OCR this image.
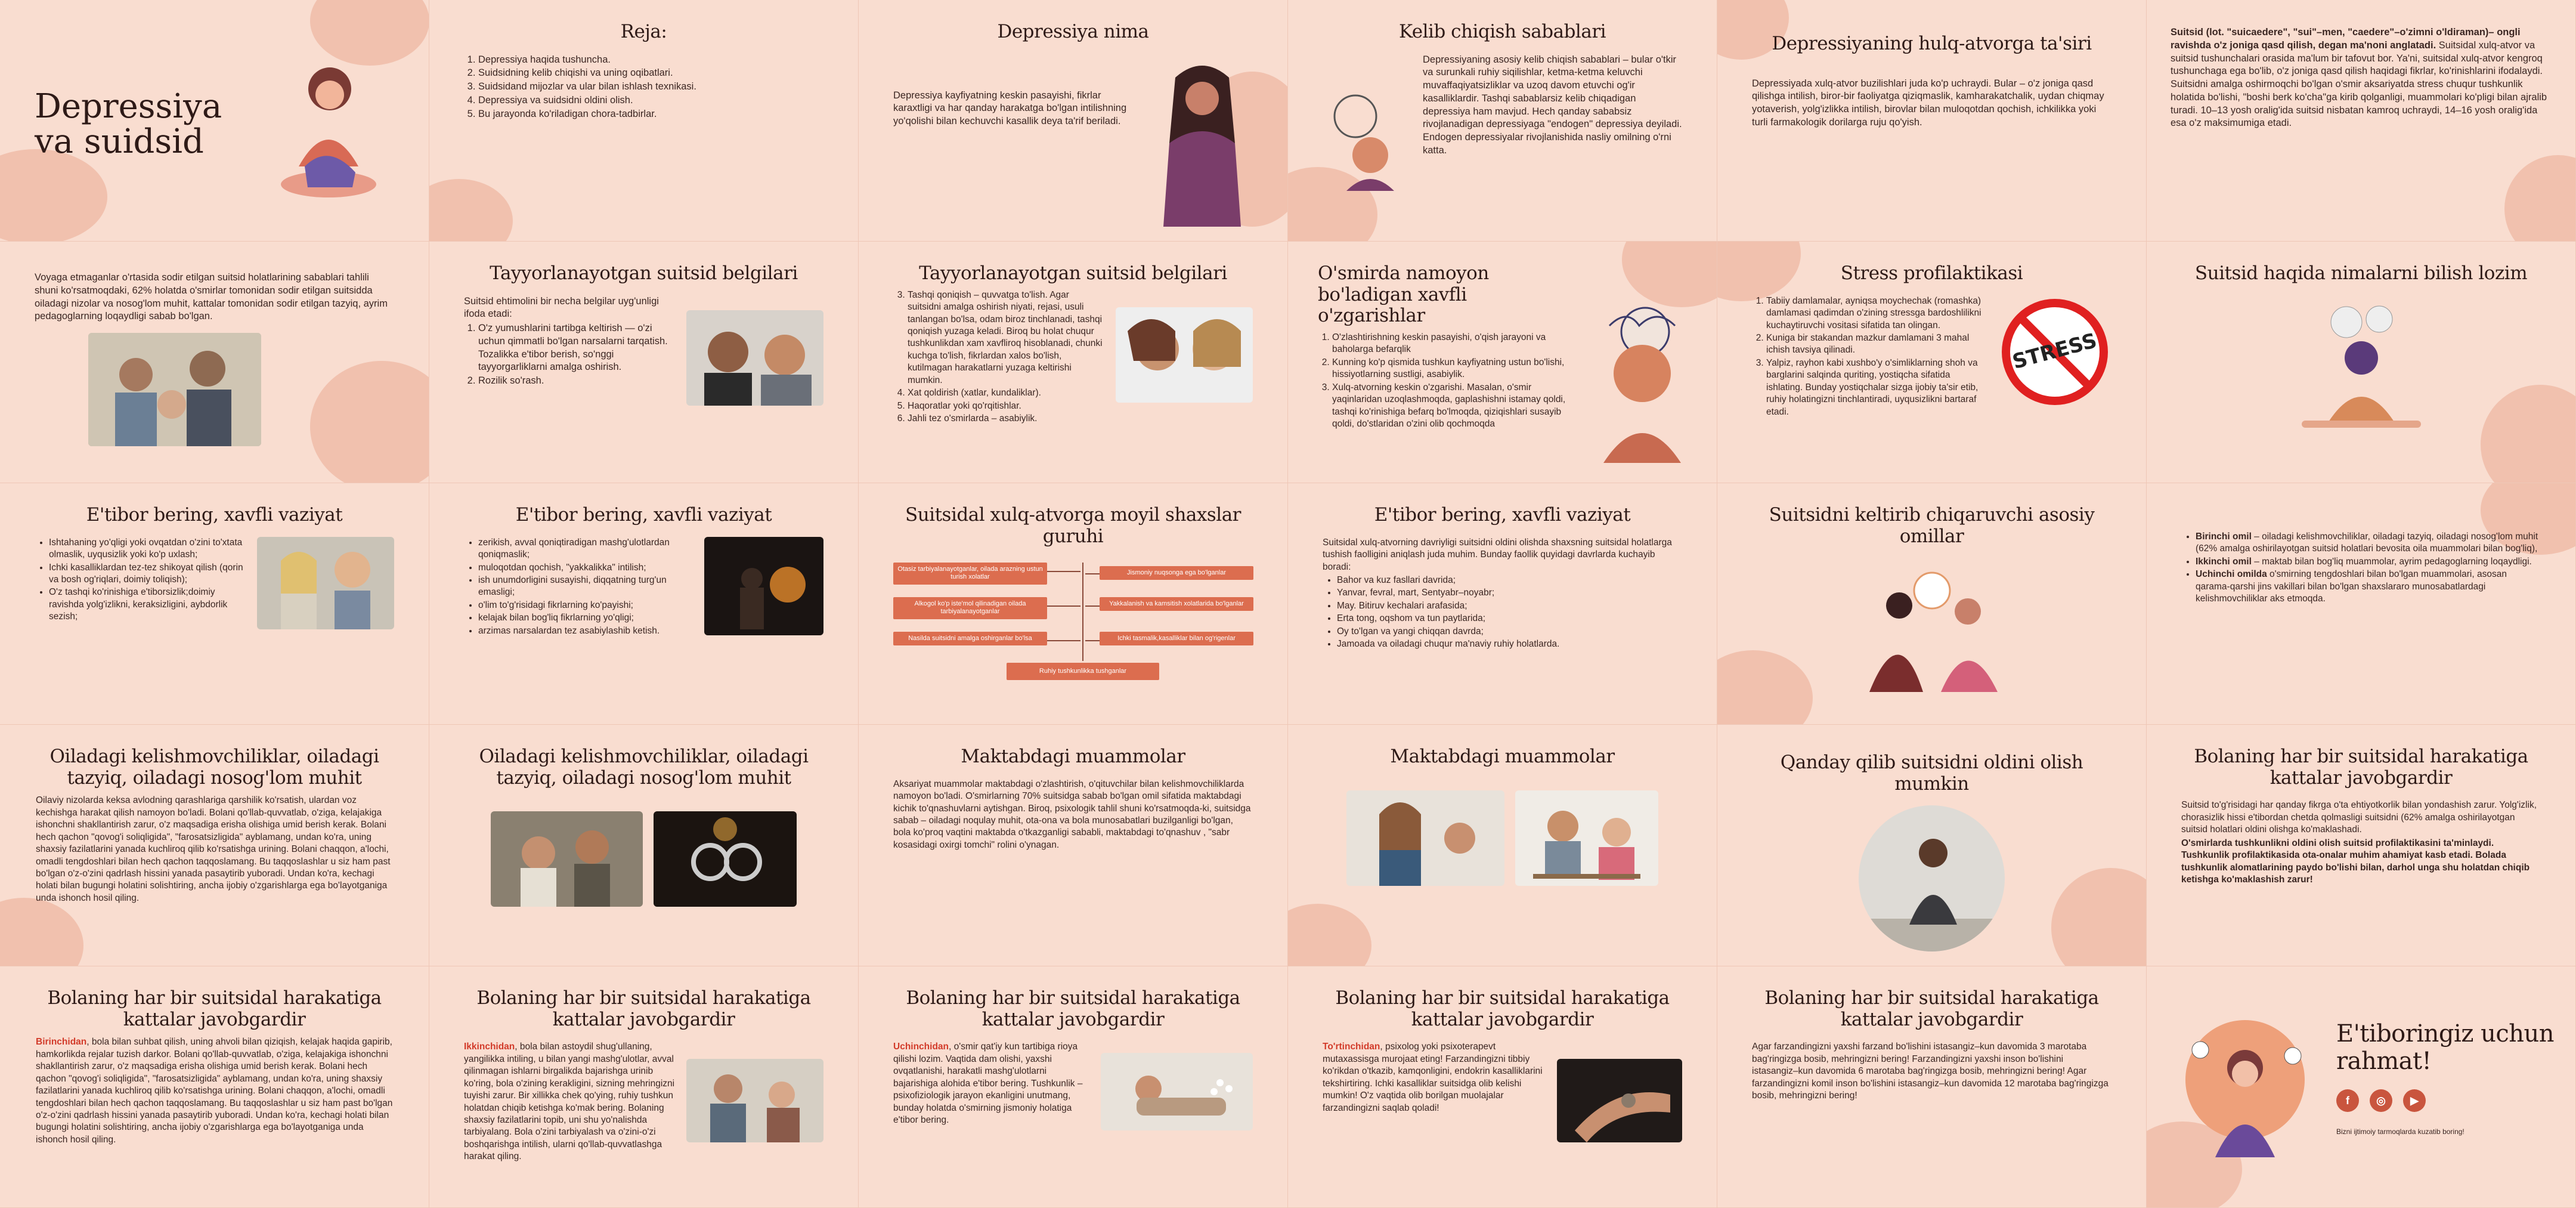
Depressiya va suidsid
Reja:
1. Depressiya haqida tushuncha.
2. Suidsidning kelib chiqishi va uning oqibatlari.
3. Suidsidand mijozlar va ular bilan ishlash texnikasi.
4. Depressiya va suidsidni oldini olish.
5. Bu jarayonda ko'riladigan chora-tadbirlar.
Depressiya nima
Depressiya kayfiyatning keskin pasayishi, fikrlar karaxtligi va har qanday harakatga bo'lgan intilishning yo'qolishi bilan kechuvchi kasallik deya ta'rif beriladi.
Kelib chiqish sabablari
Depressiyaning asosiy kelib chiqish sabablari – bular o'tkir va surunkali ruhiy siqilishlar, ketma-ketma keluvchi muvaffaqiyatsizliklar va uzoq davom etuvchi og'ir kasalliklardir. Tashqi sabablarsiz kelib chiqadigan depressiya ham mavjud. Hech qanday sababsiz rivojlanadigan depressiyaga "endogen" depressiya deyiladi. Endogen depressiyalar rivojlanishida nasliy omilning o'rni katta.
Depressiyaning hulq-atvorga ta'siri
Depressiyada xulq-atvor buzilishlari juda ko'p uchraydi. Bular – o'z joniga qasd qilishga intilish, biror-bir faoliyatga qiziqmaslik, kamharakatchalik, uydan chiqmay yotaverish, yolg'izlikka intilish, birovlar bilan muloqotdan qochish, ichkilikka yoki turli farmakologik dorilarga ruju qo'yish.
Suitsid (lot. "suicaedere", "sui"–men, "caedere"–o'zimni o'ldiraman)– ongli ravishda o'z joniga qasd qilish, degan ma'noni anglatadi. Suitsidal xulq-atvor va suitsid tushunchalari orasida ma'lum bir tafovut bor. Ya'ni, suitsidal xulq-atvor kengroq tushunchaga ega bo'lib, o'z joniga qasd qilish haqidagi fikrlar, ko'rinishlarini ifodalaydi. Suitsidni amalga oshirmoqchi bo'lgan o'smir aksariyatda stress chuqur tushkunlik holatida bo'lishi, "boshi berk ko'cha"ga kirib qolganligi, muammolari ko'pligi bilan ajralib turadi. 10–13 yosh oralig'ida suitsid nisbatan kamroq uchraydi, 14–16 yosh oralig'ida esa o'z maksimumiga etadi.
Voyaga etmaganlar o'rtasida sodir etilgan suitsid holatlarining sabablari tahlili shuni ko'rsatmoqdaki, 62% holatda o'smirlar tomonidan sodir etilgan suitsidda oiladagi nizolar va nosog'lom muhit, kattalar tomonidan sodir etilgan tazyiq, ayrim pedagoglarning loqaydligi sabab bo'lgan.
Tayyorlanayotgan suitsid belgilari

Suitsid ehtimolini bir necha belgilar uyg'unligi ifoda etadi:

1. O'z yumushlarini tartibga keltirish — o'zi uchun qimmatli bo'lgan narsalarni tarqatish. Tozalikka e'tibor berish, so'nggi tayyorgarliklarni amalga oshirish.
2. Rozilik so'rash.
Tayyorlanayotgan suitsid belgilari
3. Tashqi qoniqish – quvvatga to'lish. Agar suitsidni amalga oshirish niyati, rejasi, usuli tanlangan bo'lsa, odam biroz tinchlanadi, tashqi qoniqish yuzaga keladi. Biroq bu holat chuqur tushkunlikdan xam xavfliroq hisoblanadi, chunki kuchga to'lish, fikrlardan xalos bo'lish, kutilmagan harakatlarni yuzaga keltirishi mumkin.
4. Xat qoldirish (xatlar, kundaliklar).
5. Haqoratlar yoki qo'rqitishlar.
6. Jahli tez o'smirlarda – asabiylik.
O'smirda namoyon bo'ladigan xavfli o'zgarishlar
1. O'zlashtirishning keskin pasayishi, o'qish jarayoni va baholarga befarqlik
2. Kunning ko'p qismida tushkun kayfiyatning ustun bo'lishi, hissiyotlarning sustligi, asabiylik.
3. Xulq-atvorning keskin o'zgarishi. Masalan, o'smir yaqinlaridan uzoqlashmoqda, gaplashishni istamay qoldi, tashqi ko'rinishiga befarq bo'lmoqda, qiziqishlari susayib qoldi, do'stlaridan o'zini olib qochmoqda
Stress profilaktikasi
1. Tabiiy damlamalar, ayniqsa moychechak (romashka) damlamasi qadimdan o'zining stressga bardoshlilikni kuchaytiruvchi vositasi sifatida tan olingan.
2. Kuniga bir stakandan mazkur damlamani 3 mahal ichish tavsiya qilinadi.
3. Yalpiz, rayhon kabi xushbo'y o'simliklarning shoh va barglarini salqinda quriting, yostiqcha sifatida ishlating. Bunday yostiqchalar sizga ijobiy ta'sir etib, ruhiy holatingizni tinchlantiradi, uyqusizlikni bartaraf etadi.
STRESS
Suitsid haqida nimalarni bilish lozim
E'tibor bering, xavfli vaziyat
• Ishtahaning yo'qligi yoki ovqatdan o'zini to'xtata olmaslik, uyqusizlik yoki ko'p uxlash;
• Ichki kasalliklardan tez-tez shikoyat qilish (qorin va bosh og'riqlari, doimiy toliqish);
• O'z tashqi ko'rinishiga e'tiborsizlik;doimiy ravishda yolg'izlikni, keraksizligini, aybdorlik sezish;
E'tibor bering, xavfli vaziyat
• zerikish, avval qoniqtiradigan mashg'ulotlardan qoniqmaslik;
• muloqotdan qochish, "yakkalikka" intilish;
• ish unumdorligini susayishi, diqqatning turg'un emasligi;
• o'lim to'g'risidagi fikrlarning ko'payishi;
• kelajak bilan bog'liq fikrlarning yo'qligi;
• arzimas narsalardan tez asabiylashib ketish.
Suitsidal xulq-atvorga moyil shaxslar guruhi
Otasiz tarbiyalanayotganlar, oilada arazning ustun turish xolatlar
Jismoniy nuqsonga ega bo'lganlar
Alkogol ko'p iste'mol qilinadigan oilada tarbiyalanayotganlar
Yakkalanish va kamsitish xolatlarida bo'lganlar
Nasilda suitsidni amalga oshirganlar bo'lsa	Ichki tasmalik,kasalliklar bilan og'rigenlar
Ruhiy tushkunlikka tushganlar
E'tibor bering, xavfli vaziyat

Suitsidal xulq-atvorning davriyligi suitsidni oldini olishda shaxsning suitsidal holatlarga tushish faolligini aniqlash juda muhim. Bunday faollik quyidagi davrlarda kuchayib boradi:

• Bahor va kuz fasllari davrida;
• Yanvar, fevral, mart, Sentyabr–noyabr;
• May. Bitiruv kechalari arafasida;
• Erta tong, oqshom va tun paytlarida;
• Oy to'lgan va yangi chiqqan davrda;
• Jamoada va oiladagi chuqur ma'naviy ruhiy holatlarda.
Suitsidni keltirib chiqaruvchi asosiy omillar
•	Birinchi omil – oiladagi kelishmovchiliklar, oiladagi tazyiq, oiladagi nosog'lom muhit (62% amalga oshirilayotgan suitsid holatlari bevosita oila muammolari bilan bog'liq),
• Ikkinchi omil – maktab bilan bog'liq muammolar, ayrim pedagoglarning loqaydligi.
• Uchinchi omilda o'smirning tengdoshlari bilan bo'lgan muammolari, asosan qarama-qarshi jins vakillari bilan bo'lgan shaxslararo munosabatlardagi kelishmovchiliklar aks etmoqda.
Oiladagi kelishmovchiliklar, oiladagi tazyiq, oiladagi nosog'lom muhit
Oilaviy nizolarda keksa avlodning qarashlariga qarshilik ko'rsatish, ulardan voz kechishga harakat qilish namoyon bo'ladi. Bolani qo'llab-quvvatlab, o'ziga, kelajakiga ishonchni shakllantirish zarur, o'z maqsadiga erisha olishiga umid berish kerak. Bolani hech qachon "qovog'i soliqligida", "farosatsizligida" ayblamang, undan ko'ra, uning shaxsiy fazilatlarini yanada kuchliroq qilib ko'rsatishga urining. Bolani chaqqon, a'lochi, omadli tengdoshlari bilan hech qachon taqqoslamang. Bu taqqoslashlar u siz ham past bo'lgan o'z-o'zini qadrlash hissini yanada pasaytirib yuboradi. Undan ko'ra, kechagi holati bilan bugungi holatini solishtiring, ancha ijobiy o'zgarishlarga ega bo'layotganiga unda ishonch hosil qiling.
Oiladagi kelishmovchiliklar, oiladagi tazyiq, oiladagi nosog'lom muhit
Maktabdagi muammolar
Aksariyat muammolar maktabdagi o'zlashtirish, o'qituvchilar bilan kelishmovchiliklarda namoyon bo'ladi. O'smirlarning 70% suitsidga sabab bo'lgan omil sifatida maktabdagi kichik to'qnashuvlarni aytishgan. Biroq, psixologik tahlil shuni ko'rsatmoqda-ki, suitsidga sabab – oiladagi noqulay muhit, ota-ona va bola munosabatlari buzilganligi bo'lgan, bola ko'proq vaqtini maktabda o'tkazganligi sababli, maktabdagi to'qnashuv , "sabr kosasidagi oxirgi tomchi" rolini o'ynagan.
Maktabdagi muammolar	Qanday qilib suitsidni oldini olish mumkin
Bolaning har bir suitsidal harakatiga kattalar javobgardir

Suitsid to'g'risidagi har qanday fikrga o'ta ehtiyotkorlik bilan yondashish zarur. Yolg'izlik, chorasizlik hissi e'tibordan chetda qolmasligi suitsidni (62% amalga oshirilayotgan suitsid holatlari oldini olishga ko'maklashadi.

O'smirlarda tushkunlikni oldini olish suitsid profilaktikasini ta'minlaydi. Tushkunlik profilaktikasida ota-onalar muhim ahamiyat kasb etadi. Bolada tushkunlik alomatlarining paydo bo'lishi bilan, darhol unga shu holatdan chiqib ketishga ko'maklashish zarur!

Bolaning har bir suitsidal harakatiga kattalar javobgardir
Birinchidan, bola bilan suhbat qilish, uning ahvoli bilan qiziqish, kelajak haqida gapirib, hamkorlikda rejalar tuzish darkor. Bolani qo'llab-quvvatlab, o'ziga, kelajakiga ishonchni shakllantirish zarur, o'z maqsadiga erisha olishiga umid berish kerak. Bolani hech qachon "qovog'i soliqligida", "farosatsizligida" ayblamang, undan ko'ra, uning shaxsiy fazilatlarini yanada kuchliroq qilib ko'rsatishga urining. Bolani chaqqon, a'lochi, omadli tengdoshlari bilan hech qachon taqqoslamang. Bu taqqoslashlar u siz ham past bo'lgan o'z-o'zini qadrlash hissini yanada pasaytirib yuboradi. Undan ko'ra, kechagi holati bilan bugungi holatini solishtiring, ancha ijobiy o'zgarishlarga ega bo'layotganiga unda ishonch hosil qiling.
Bolaning har bir suitsidal harakatiga kattalar javobgardir
Ikkinchidan, bola bilan astoydil shug'ullaning, yangilikka intiling, u bilan yangi mashg'ulotlar, avval qilinmagan ishlarni birgalikda bajarishga urinib ko'ring, bola o'zining kerakligini, sizning mehringizni tuyishi zarur. Bir xillikka chek qo'ying, ruhiy tushkun holatdan chiqib ketishga ko'mak bering. Bolaning shaxsiy fazilatlarini topib, uni shu yo'nalishda tarbiyalang. Bola o'zini tarbiyalash va o'zini-o'zi boshqarishga intilish, ularni qo'llab-quvvatlashga harakat qiling.
Bolaning har bir suitsidal harakatiga kattalar javobgardir
Uchinchidan, o'smir qat'iy kun tartibiga rioya qilishi lozim. Vaqtida dam olishi, yaxshi ovqatlanishi, harakatli mashg'ulotlarni bajarishiga alohida e'tibor bering. Tushkunlik – psixofiziologik jarayon ekanligini unutmang, bunday holatda o'smirning jismoniy holatiga e'tibor bering.
Bolaning har bir suitsidal harakatiga kattalar javobgardir
To'rtinchidan, psixolog yoki psixoterapevt mutaxassisga murojaat eting! Farzandingizni tibbiy ko'rikdan o'tkazib, kamqonligini, endokrin kasalliklarini tekshirtiring. Ichki kasalliklar suitsidga olib kelishi mumkin! O'z vaqtida olib borilgan muolajalar farzandingizni saqlab qoladi!
Bolaning har bir suitsidal harakatiga kattalar javobgardir
Agar farzandingizni yaxshi farzand bo'lishini istasangiz–kun davomida 3 marotaba bag'ringizga bosib, mehringizni bering! Farzandingizni yaxshi inson bo'lishini istasangiz–kun davomida 6 marotaba bag'ringizga bosib, mehringizni bering! Agar farzandingizni komil inson bo'lishini istasangiz–kun davomida 12 marotaba bag'ringizga bosib, mehringizni bering!
E'tiboringiz uchun rahmat!
f	◎	▶
Bizni ijtimoiy tarmoqlarda kuzatib boring!
